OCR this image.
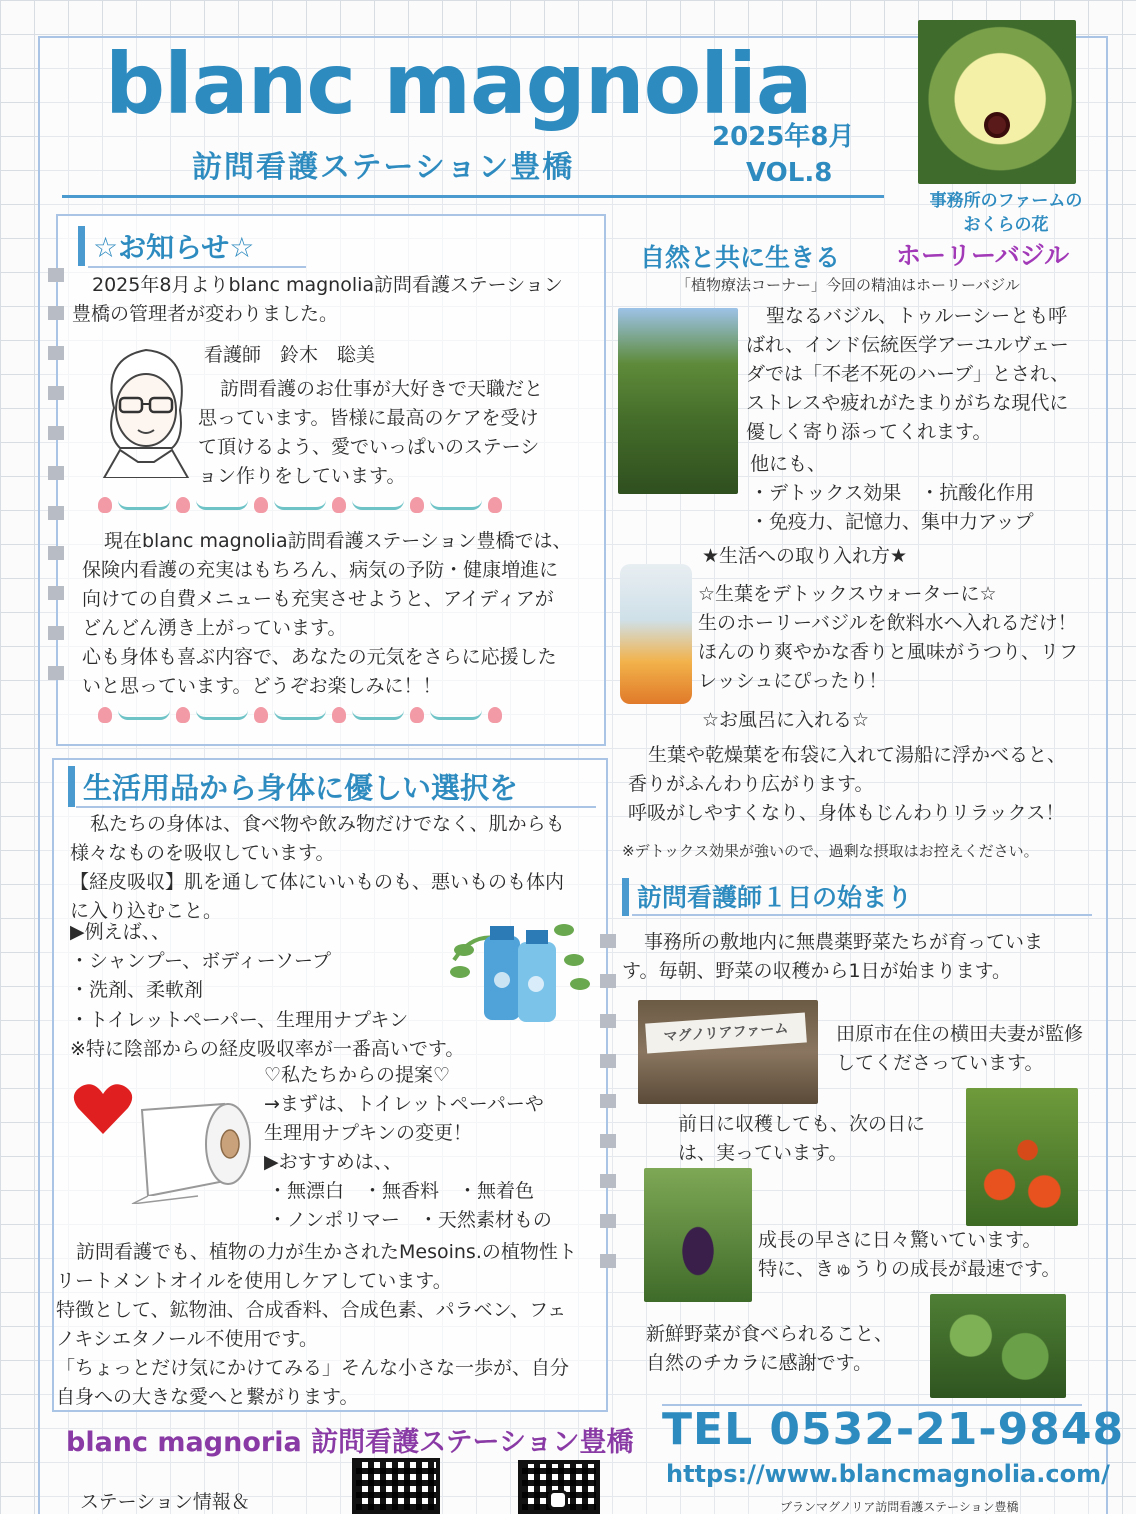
blanc magnolia
訪問看護ステーション豊橋
2025年8月
VOL.8
事務所のファームの
おくらの花
☆お知らせ☆
2025年8月よりblanc magnolia訪問看護ステーション
豊橋の管理者が変わりました。
看護師　鈴木　聡美
訪問看護のお仕事が大好きで天職だと
思っています。皆様に最高のケアを受け
て頂けるよう、愛でいっぱいのステーシ
ョン作りをしています。
現在blanc magnolia訪問看護ステーション豊橋では、
保険内看護の充実はもちろん、病気の予防・健康増進に
向けての自費メニューも充実させようと、アイディアが
どんどん湧き上がっています。
心も身体も喜ぶ内容で、あなたの元気をさらに応援した
いと思っています。どうぞお楽しみに！！
生活用品から身体に優しい選択を
私たちの身体は、食べ物や飲み物だけでなく、肌からも
様々なものを吸収しています。
【経皮吸収】肌を通して体にいいものも、悪いものも体内
に入り込むこと。
▶例えば、、
・シャンプー、ボディーソープ
・洗剤、柔軟剤
・トイレットペーパー、生理用ナプキン
※特に陰部からの経皮吸収率が一番高いです。
♡私たちからの提案♡
→まずは、トイレットペーパーや
生理用ナプキンの変更！
▶おすすめは、、
・無漂白　・無香料　・無着色
・ノンポリマー　・天然素材もの
訪問看護でも、植物の力が生かされたMesoins.の植物性ト
リートメントオイルを使用しケアしています。
特徴として、鉱物油、合成香料、合成色素、パラベン、フェ
ノキシエタノール不使用です。
「ちょっとだけ気にかけてみる」そんな小さな一歩が、自分
自身への大きな愛へと繋がります。
自然と共に生きる ホーリーバジル
「植物療法コーナー」今回の精油はホーリーバジル
聖なるバジル、トゥルーシーとも呼
ばれ、インド伝統医学アーユルヴェー
ダでは「不老不死のハーブ」とされ、
ストレスや疲れがたまりがちな現代に
優しく寄り添ってくれます。
他にも、
・デトックス効果　・抗酸化作用
・免疫力、記憶力、集中力アップ
★生活への取り入れ方★
☆生葉をデトックスウォーターに☆
生のホーリーバジルを飲料水へ入れるだけ！
ほんのり爽やかな香りと風味がうつり、リフ
レッシュにぴったり！
☆お風呂に入れる☆
生葉や乾燥葉を布袋に入れて湯船に浮かべると、
香りがふんわり広がります。
呼吸がしやすくなり、身体もじんわりリラックス！
※デトックス効果が強いので、過剰な摂取はお控えください。
訪問看護師１日の始まり
事務所の敷地内に無農薬野菜たちが育っていま
す。毎朝、野菜の収穫から1日が始まります。
マグノリアファーム	田原市在住の横田夫妻が監修
してくださっています。
前日に収穫しても、次の日に
は、実っています。
成長の早さに日々驚いています。
特に、きゅうりの成長が最速です。
新鮮野菜が食べられること、
自然のチカラに感謝です。
blanc magnoria 訪問看護ステーション豊橋 TEL 0532-21-9848
https://www.blancmagnolia.com/
ステーション情報＆	ブランマグノリア訪問看護ステーション豊橋
